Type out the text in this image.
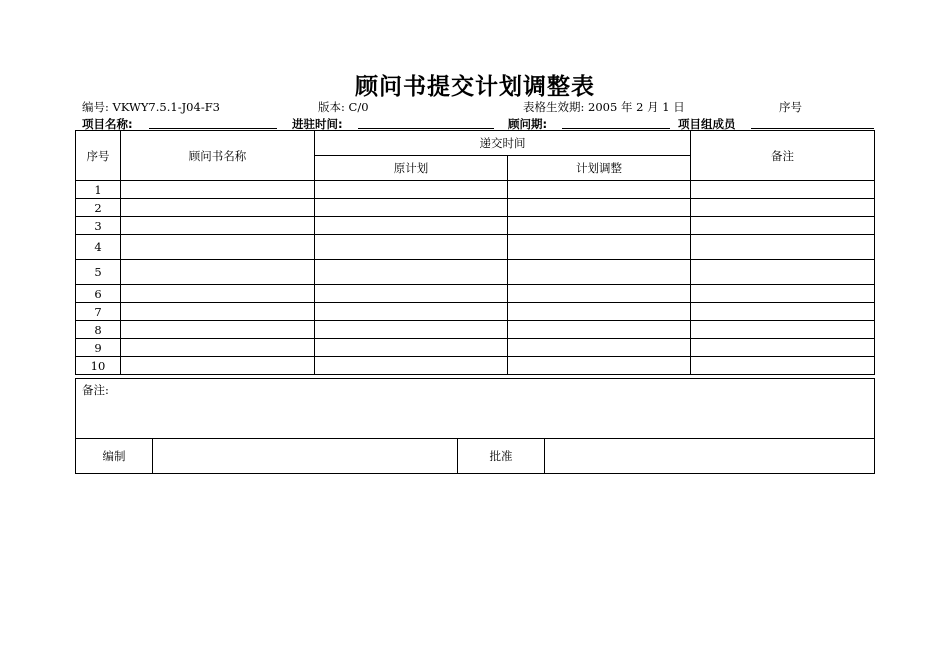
顾问书提交计划调整表
编号: VKWY7.5.1-J04-F3	版本: C/0	表格生效期: 2005 年 2 月 1 日	序号
项目名称:	进驻时间:	顾问期:	项目组成员
序号	顾问书名称	递交时间		备注
		原计划	计划调整	
1				
2				
3				
4				
5				
6				
7				
8				
9				
10				
备注:
编制		批准	
